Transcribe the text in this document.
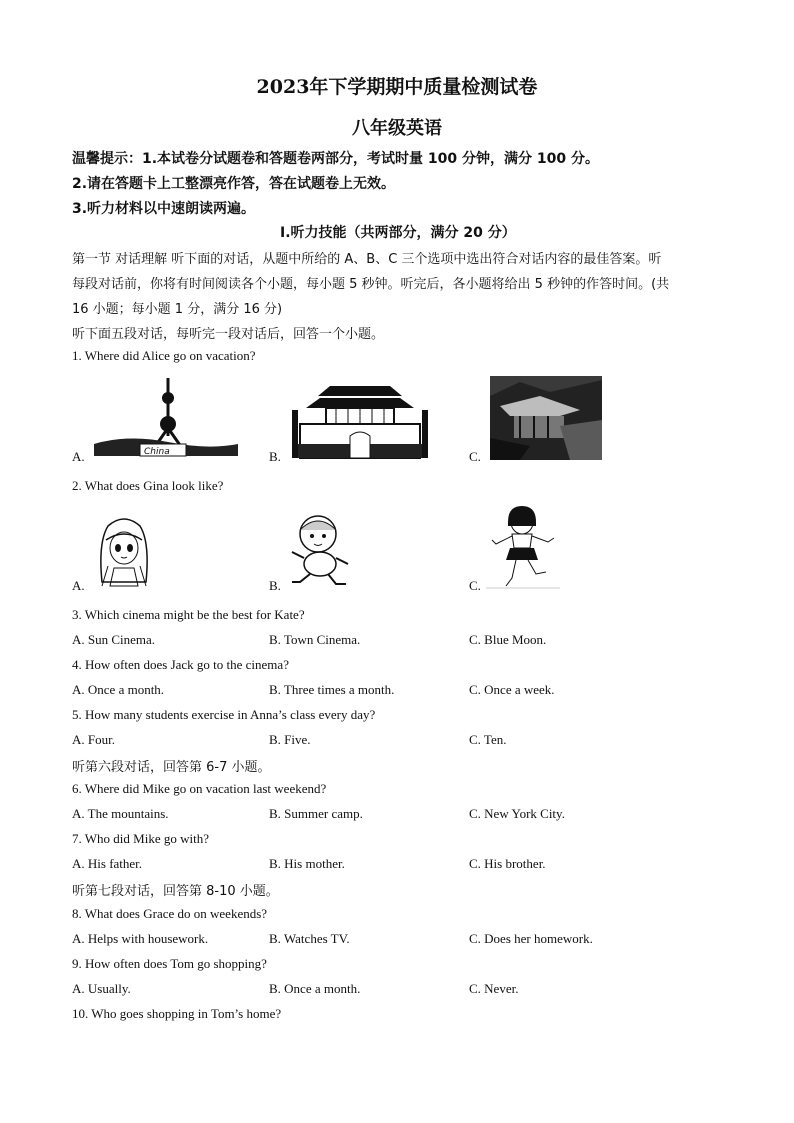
2023年下学期期中质量检测试卷
八年级英语
温馨提示：1.本试卷分试题卷和答题卷两部分，考试时量 100 分钟，满分 100 分。
2.请在答题卡上工整漂亮作答，答在试题卷上无效。
3.听力材料以中速朗读两遍。
Ⅰ.听力技能（共两部分，满分 20 分）
第一节 对话理解 听下面的对话，从题中所给的 A、B、C 三个选项中选出符合对话内容的最佳答案。听
每段对话前，你将有时间阅读各个小题，每小题 5 秒钟。听完后，各小题将给出 5 秒钟的作答时间。(共
16 小题；每小题 1 分，满分 16 分)
听下面五段对话，每听完一段对话后，回答一个小题。
1. Where did Alice go on vacation?
A.	B.	C.
China
2. What does Gina look like?
A.	B.	C.
3. Which cinema might be the best for Kate?
A. Sun Cinema.	B. Town Cinema.	C. Blue Moon.
4. How often does Jack go to the cinema?
A. Once a month.	B. Three times a month.	C. Once a week.
5. How many students exercise in Anna’s class every day?
A. Four.	B. Five.	C. Ten.
听第六段对话，回答第 6-7 小题。
6. Where did Mike go on vacation last weekend?
A. The mountains.	B. Summer camp.	C. New York City.
7. Who did Mike go with?
A. His father.	B. His mother.	C. His brother.
听第七段对话，回答第 8-10 小题。
8. What does Grace do on weekends?
A. Helps with housework.	B. Watches TV.	C. Does her homework.
9. How often does Tom go shopping?
A. Usually.	B. Once a month.	C. Never.
10. Who goes shopping in Tom’s home?
